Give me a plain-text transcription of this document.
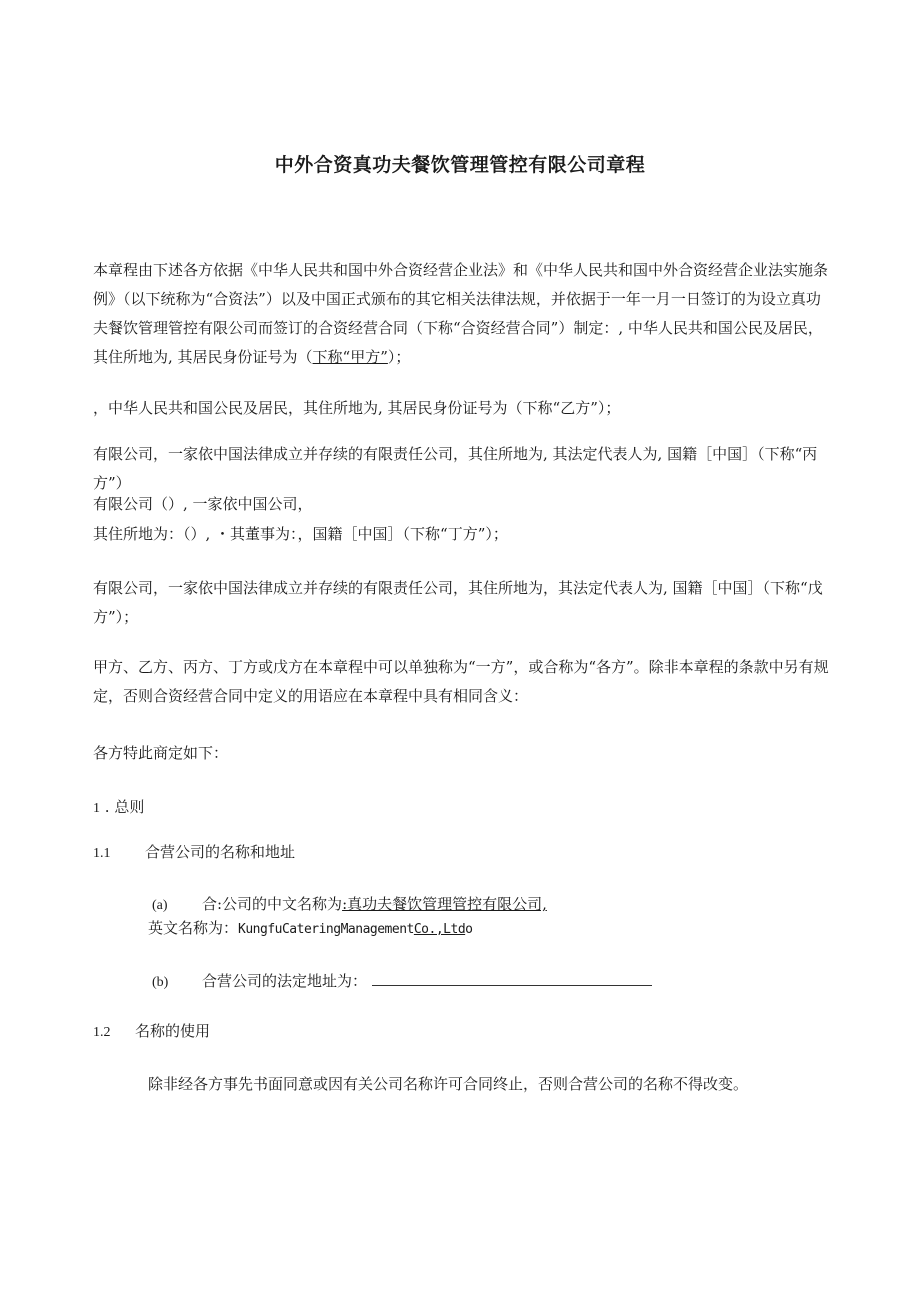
中外合资真功夫餐饮管理管控有限公司章程

本章程由下述各方依据《中华人民共和国中外合资经营企业法》和《中华人民共和国中外合资经营企业法实施条例》（以下统称为“合资法”）以及中国正式颁布的其它相关法律法规，并依据于一年一月一日签订的为设立真功夫餐饮管理管控有限公司而签订的合资经营合同（下称“合资经营合同”）制定：, 中华人民共和国公民及居民，其住所地为, 其居民身份证号为（下称“甲方”）；

，中华人民共和国公民及居民，其住所地为, 其居民身份证号为（下称“乙方”）；

有限公司，一家依中国法律成立并存续的有限责任公司，其住所地为, 其法定代表人为, 国籍［中国］（下称“丙方”）

有限公司（）, 一家依中国公司，

其住所地为：（）, ・其董事为：，国籍［中国］（下称“丁方”）；

有限公司，一家依中国法律成立并存续的有限责任公司，其住所地为，其法定代表人为, 国籍［中国］（下称“戊方”）；

甲方、乙方、丙方、丁方或戊方在本章程中可以单独称为“一方”，或合称为“各方”。除非本章程的条款中另有规定，否则合资经营合同中定义的用语应在本章程中具有相同含义：

各方特此商定如下：

1 . 总则

1.1 合营公司的名称和地址

(a) 合:公司的中文名称为:真功夫餐饮管理管控有限公司,

英文名称为：KungfuCateringManagementCo.,Ltdo

(b) 合营公司的法定地址为：

1.2 名称的使用

除非经各方事先书面同意或因有关公司名称许可合同终止，否则合营公司的名称不得改变。
